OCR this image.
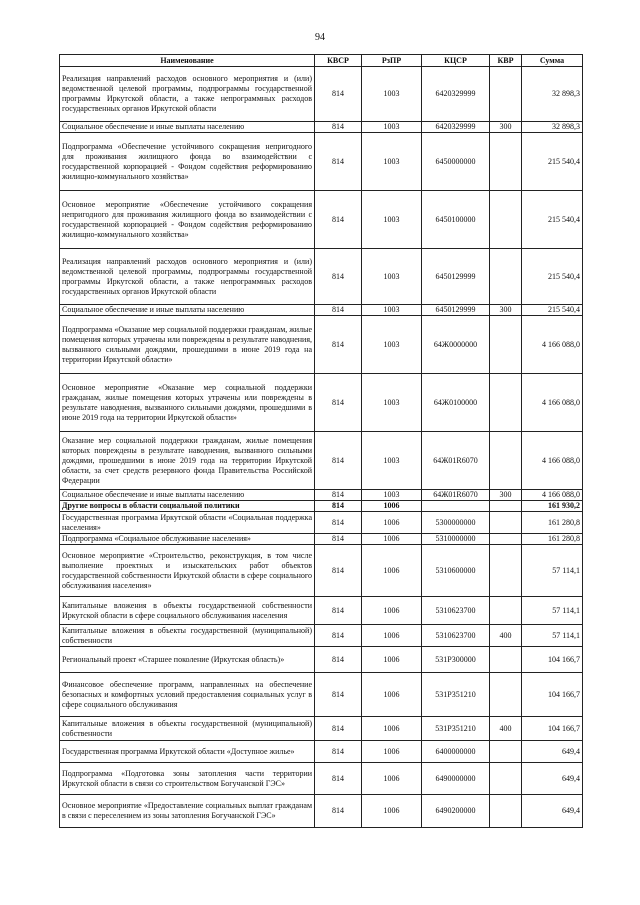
94
Наименование	КВСР	РзПР	КЦСР	КВР	Сумма
Реализация направлений расходов основного мероприятия и (или) ведомственной целевой программы, подпрограммы государственной программы Иркутской области, а также непрограммных расходов государственных органов Иркутской области	814	1003	6420329999		32 898,3
Социальное обеспечение и иные выплаты населению	814	1003	6420329999	300	32 898,3
Подпрограмма «Обеспечение устойчивого сокращения непригодного для проживания жилищного фонда во взаимодействии с государственной корпорацией - Фондом содействия реформированию жилищно-коммунального хозяйства»	814	1003	6450000000		215 540,4
Основное мероприятие «Обеспечение устойчивого сокращения непригодного для проживания жилищного фонда во взаимодействии с государственной корпорацией - Фондом содействия реформированию жилищно-коммунального хозяйства»	814	1003	6450100000		215 540,4
Реализация направлений расходов основного мероприятия и (или) ведомственной целевой программы, подпрограммы государственной программы Иркутской области, а также непрограммных расходов государственных органов Иркутской области	814	1003	6450129999		215 540,4
Социальное обеспечение и иные выплаты населению	814	1003	6450129999	300	215 540,4
Подпрограмма «Оказание мер социальной поддержки гражданам, жилые помещения которых утрачены или повреждены в результате наводнения, вызванного сильными дождями, прошедшими в июне 2019 года на территории Иркутской области»	814	1003	64Ж0000000		4 166 088,0
Основное мероприятие «Оказание мер социальной поддержки гражданам, жилые помещения которых утрачены или повреждены в результате наводнения, вызванного сильными дождями, прошедшими в июне 2019 года на территории Иркутской области»	814	1003	64Ж0100000		4 166 088,0
Оказание мер социальной поддержки гражданам, жилые помещения которых повреждены в результате наводнения, вызванного сильными дождями, прошедшими в июне 2019 года на территории Иркутской области, за счет средств резервного фонда Правительства Российской Федерации	814	1003	64Ж01R6070		4 166 088,0
Социальное обеспечение и иные выплаты населению	814	1003	64Ж01R6070	300	4 166 088,0
Другие вопросы в области социальной политики	814	1006			161 930,2
Государственная программа Иркутской области «Социальная поддержка населения»	814	1006	5300000000		161 280,8
Подпрограмма «Социальное обслуживание населения»	814	1006	5310000000		161 280,8
Основное мероприятие «Строительство, реконструкция, в том числе выполнение проектных и изыскательских работ объектов государственной собственности Иркутской области в сфере социального обслуживания населения»	814	1006	5310600000		57 114,1
Капитальные вложения в объекты государственной собственности Иркутской области в сфере социального обслуживания населения	814	1006	5310623700		57 114,1
Капитальные вложения в объекты государственной (муниципальной) собственности	814	1006	5310623700	400	57 114,1
Региональный проект «Старшее поколение (Иркутская область)»	814	1006	531P300000		104 166,7
Финансовое обеспечение программ, направленных на обеспечение безопасных и комфортных условий предоставления социальных услуг в сфере социального обслуживания	814	1006	531P351210		104 166,7
Капитальные вложения в объекты государственной (муниципальной) собственности	814	1006	531P351210	400	104 166,7
Государственная программа Иркутской области «Доступное жилье»	814	1006	6400000000		649,4
Подпрограмма «Подготовка зоны затопления части территории Иркутской области в связи со строительством Богучанской ГЭС»	814	1006	6490000000		649,4
Основное мероприятие «Предоставление социальных выплат гражданам в связи с переселением из зоны затопления Богучанской ГЭС»	814	1006	6490200000		649,4
